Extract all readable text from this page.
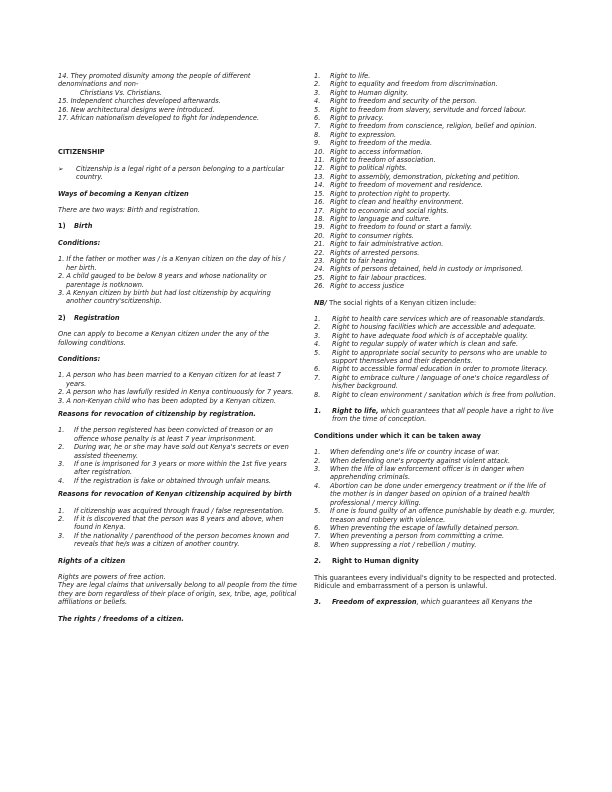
14. They promoted disunity among the people of different denominations and non-

Christians Vs. Christians.

15. Independent churches developed afterwards.

16. New architectural designs were introduced.

17. African nationalism developed to fight for independence.

CITIZENSHIP

➢	Citizenship is a legal right of a person belonging to a particular country.

Ways of becoming a Kenyan citizen

There are two ways: Birth and registration.

1)	Birth

Conditions:

1. If the father or mother was / is a Kenyan citizen on the day of his / her birth.

2. A child gauged to be below 8 years and whose nationality or parentage is notknown.

3. A Kenyan citizen by birth but had lost citizenship by acquiring another country'scitizenship.

2)	Registration

One can apply to become a Kenyan citizen under the any of the following conditions.

Conditions:

1. A person who has been married to a Kenyan citizen for at least 7 years.

2. A person who has lawfully resided in Kenya continuously for 7 years.

3. A non-Kenyan child who has been adopted by a Kenyan citizen.

Reasons for revocation of citizenship by registration.

1.	If the person registered has been convicted of treason or an offence whose penalty is at least 7 year imprisonment.
2.	During war, he or she may have sold out Kenya's secrets or even assisted theenemy.
3.	If one is imprisoned for 3 years or more within the 1st five years after registration.
4.	If the registration is fake or obtained through unfair means.

Reasons for revocation of Kenyan citizenship acquired by birth

1.	If citizenship was acquired through fraud / false representation.
2.	If it is discovered that the person was 8 years and above, when found in Kenya.
3.	If the nationality / parenthood of the person becomes known and reveals that he/s was a citizen of another country.

Rights of a citizen

Rights are powers of free action.

They are legal claims that universally belong to all people from the time they are born regardless of their place of origin, sex, tribe, age, political affiliations or beliefs.

The rights / freedoms of a citizen.

1.	Right to life.
2.	Right to equality and freedom from discrimination.
3.	Right to Human dignity.
4.	Right to freedom and security of the person.
5.	Right to freedom from slavery, servitude and forced labour.
6.	Right to privacy.
7.	Right to freedom from conscience, religion, belief and opinion.
8.	Right to expression.
9.	Right to freedom of the media.
10. Right to access information.
11. Right to freedom of association.
12. Right to political rights.
13. Right to assembly, demonstration, picketing and petition.
14. Right to freedom of movement and residence.
15. Right to protection right to property.
16. Right to clean and healthy environment.
17. Right to economic and social rights.
18. Right to language and culture.
19. Right to freedom to found or start a family.
20. Right to consumer rights.
21. Right to fair administrative action.
22. Rights of arrested persons.
23. Right to fair hearing
24. Rights of persons detained, held in custody or imprisoned.
25. Right to fair labour practices.
26. Right to access justice

NB/ The social rights of a Kenyan citizen include:

1.	Right to health care services which are of reasonable standards.
2.	Right to housing facilities which are accessible and adequate.
3.	Right to have adequate food which is of acceptable quality.
4.	Right to regular supply of water which is clean and safe.
5.	Right to appropriate social security to persons who are unable to support themselves and their dependents.
6.	Right to accessible formal education in order to promote literacy.
7.	Right to embrace culture / language of one's choice regardless of his/her background.
8.	Right to clean environment / sanitation which is free from pollution.
1.	Right to life, which guarantees that all people have a right to live from the time of conception.

Conditions under which it can be taken away

1.	When defending one's life or country incase of war.
2.	When defending one's property against violent attack.
3.	When the life of law enforcement officer is in danger when apprehending criminals.
4.	Abortion can be done under emergency treatment or if the life of the mother is in danger based on opinion of a trained health professional / mercy killing.
5.	If one is found guilty of an offence punishable by death e.g. murder, treason and robbery with violence.
6.	When preventing the escape of lawfully detained person.
7.	When preventing a person from committing a crime.
8.	When suppressing a riot / rebellion / mutiny.
2.	Right to Human dignity

This guarantees every individual's dignity to be respected and protected. Ridicule and embarrassment of a person is unlawful.

3.	Freedom of expression, which guarantees all Kenyans the
